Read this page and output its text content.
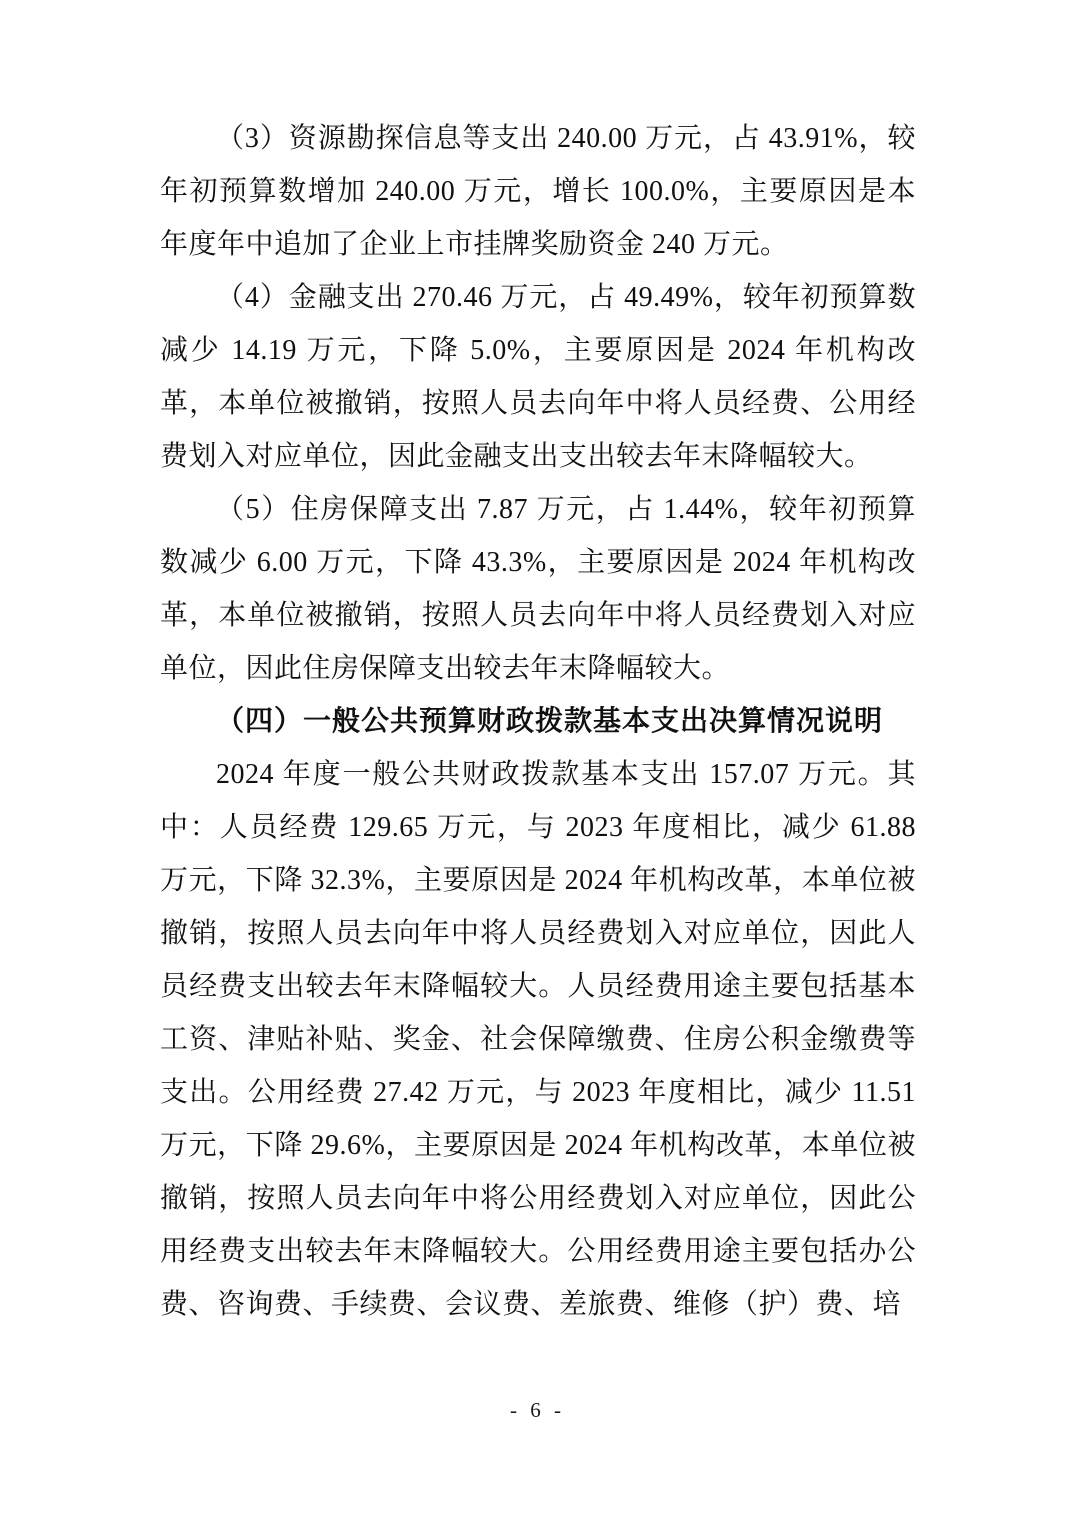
（3）资源勘探信息等支出 240.00 万元，占 43.91%，较年初预算数增加 240.00 万元，增长 100.0%，主要原因是本年度年中追加了企业上市挂牌奖励资金 240 万元。

（4）金融支出 270.46 万元，占 49.49%，较年初预算数减少 14.19 万元，下降 5.0%，主要原因是 2024 年机构改革，本单位被撤销，按照人员去向年中将人员经费、公用经费划入对应单位，因此金融支出支出较去年末降幅较大。

（5）住房保障支出 7.87 万元，占 1.44%，较年初预算数减少 6.00 万元，下降 43.3%，主要原因是 2024 年机构改革，本单位被撤销，按照人员去向年中将人员经费划入对应单位，因此住房保障支出较去年末降幅较大。

（四）一般公共预算财政拨款基本支出决算情况说明

2024 年度一般公共财政拨款基本支出 157.07 万元。其中：人员经费 129.65 万元，与 2023 年度相比，减少 61.88 万元，下降 32.3%，主要原因是 2024 年机构改革，本单位被撤销，按照人员去向年中将人员经费划入对应单位，因此人员经费支出较去年末降幅较大。人员经费用途主要包括基本工资、津贴补贴、奖金、社会保障缴费、住房公积金缴费等支出。公用经费 27.42 万元，与 2023 年度相比，减少 11.51 万元，下降 29.6%，主要原因是 2024 年机构改革，本单位被撤销，按照人员去向年中将公用经费划入对应单位，因此公用经费支出较去年末降幅较大。公用经费用途主要包括办公费、咨询费、手续费、会议费、差旅费、维修（护）费、培

- 6 -
